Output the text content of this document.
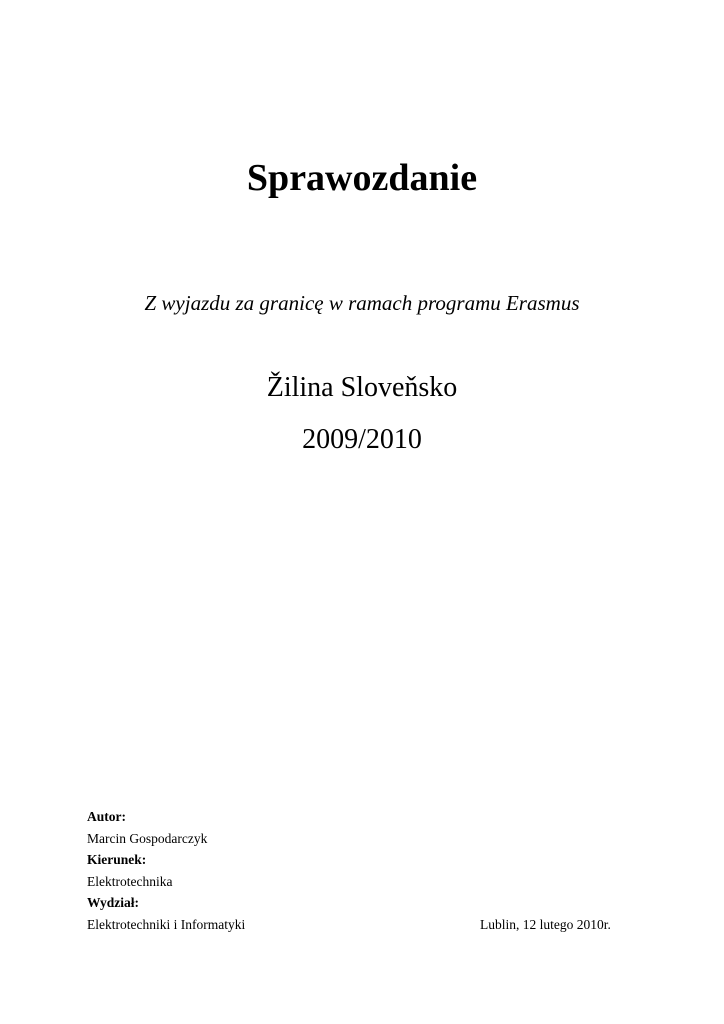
Sprawozdanie
Z wyjazdu za granicę w ramach programu Erasmus
Žilina Sloveňsko
2009/2010
Autor:
Marcin Gospodarczyk
Kierunek:
Elektrotechnika
Wydział:
Elektrotechniki i Informatyki	Lublin, 12 lutego 2010r.
